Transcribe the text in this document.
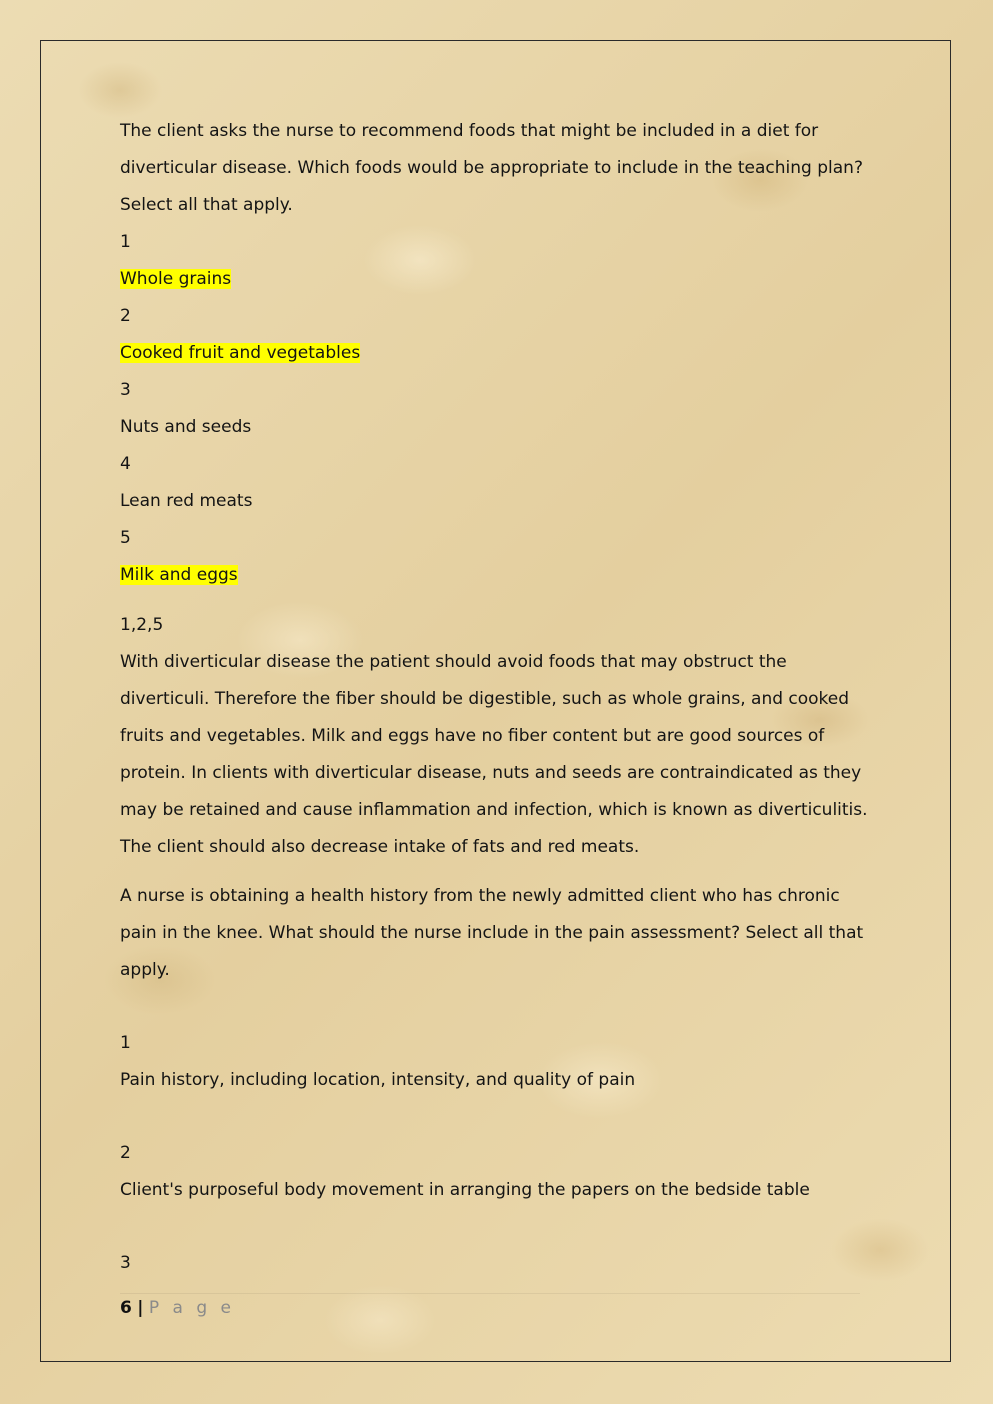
The client asks the nurse to recommend foods that might be included in a diet for

diverticular disease. Which foods would be appropriate to include in the teaching plan?

Select all that apply.

1

Whole grains

2

Cooked fruit and vegetables

3

Nuts and seeds

4

Lean red meats

5

Milk and eggs

1,2,5

With diverticular disease the patient should avoid foods that may obstruct the

diverticuli. Therefore the fiber should be digestible, such as whole grains, and cooked

fruits and vegetables. Milk and eggs have no fiber content but are good sources of

protein. In clients with diverticular disease, nuts and seeds are contraindicated as they

may be retained and cause inflammation and infection, which is known as diverticulitis.

The client should also decrease intake of fats and red meats.

A nurse is obtaining a health history from the newly admitted client who has chronic

pain in the knee. What should the nurse include in the pain assessment? Select all that

apply.

1

Pain history, including location, intensity, and quality of pain

2

Client's purposeful body movement in arranging the papers on the bedside table

3

6 | P a g e
